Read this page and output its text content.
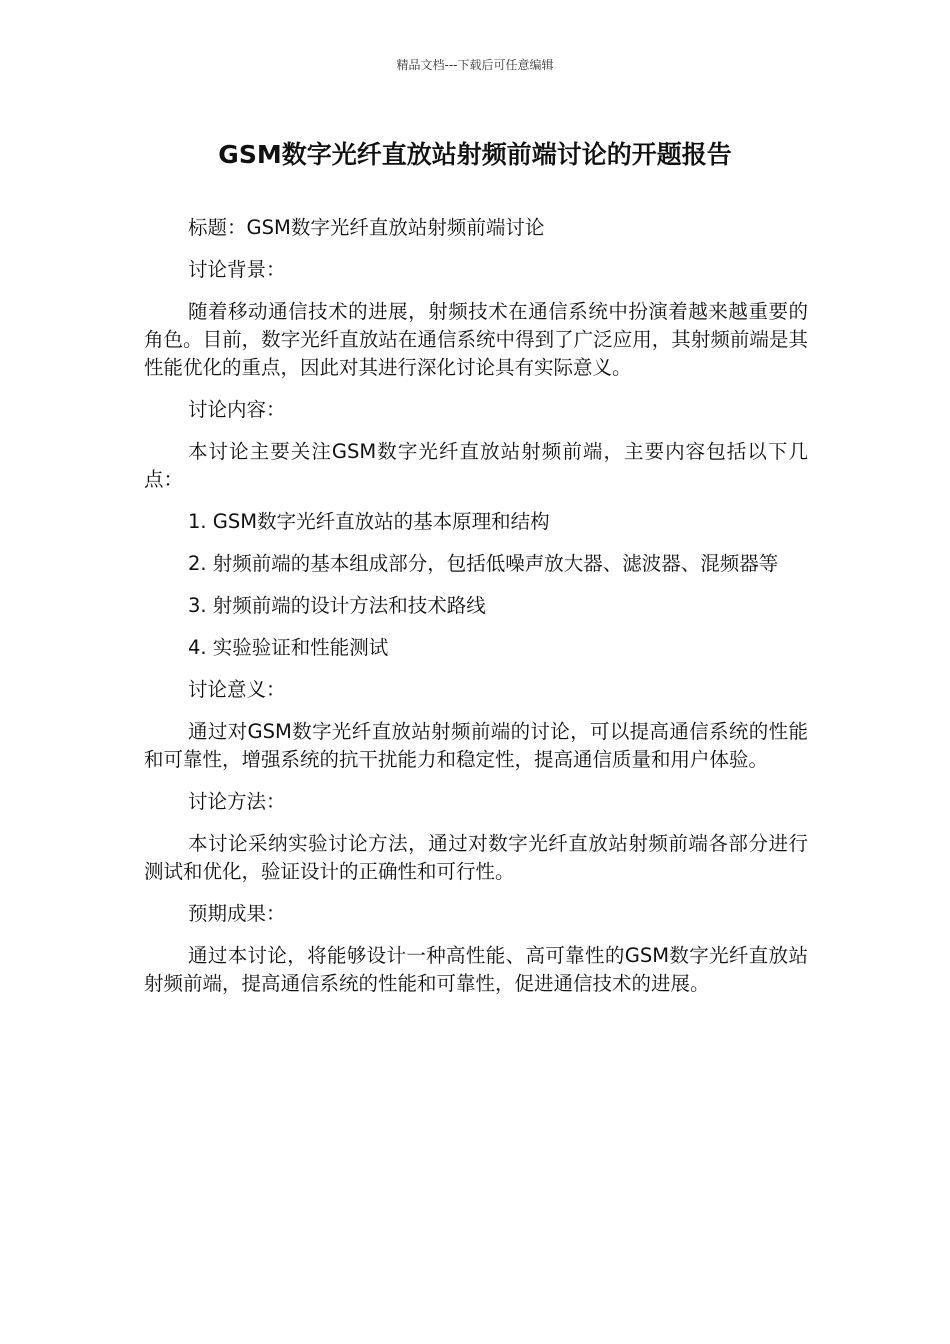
精品文档---下载后可任意编辑
GSM数字光纤直放站射频前端讨论的开题报告

标题：GSM数字光纤直放站射频前端讨论

讨论背景：

随着移动通信技术的进展，射频技术在通信系统中扮演着越来越重要的角色。目前，数字光纤直放站在通信系统中得到了广泛应用，其射频前端是其性能优化的重点，因此对其进行深化讨论具有实际意义。

讨论内容：

本讨论主要关注GSM数字光纤直放站射频前端，主要内容包括以下几点：

1. GSM数字光纤直放站的基本原理和结构

2. 射频前端的基本组成部分，包括低噪声放大器、滤波器、混频器等

3. 射频前端的设计方法和技术路线

4. 实验验证和性能测试

讨论意义：

通过对GSM数字光纤直放站射频前端的讨论，可以提高通信系统的性能和可靠性，增强系统的抗干扰能力和稳定性，提高通信质量和用户体验。

讨论方法：

本讨论采纳实验讨论方法，通过对数字光纤直放站射频前端各部分进行测试和优化，验证设计的正确性和可行性。

预期成果：

通过本讨论，将能够设计一种高性能、高可靠性的GSM数字光纤直放站射频前端，提高通信系统的性能和可靠性，促进通信技术的进展。
